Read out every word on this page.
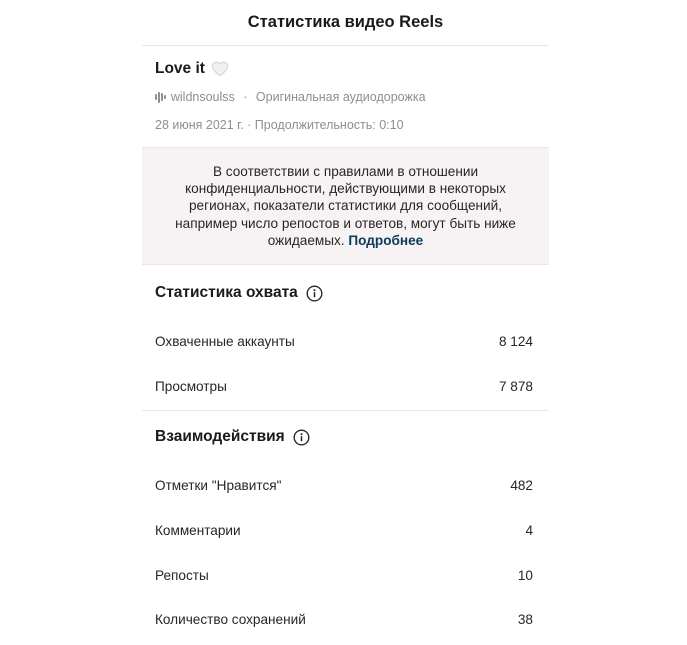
Статистика видео Reels
Love it
wildnsoulss · Оригинальная аудиодорожка
28 июня 2021 г. · Продолжительность: 0:10
В соответствии с правилами в отношении конфиденциальности, действующими в некоторых регионах, показатели статистики для сообщений, например число репостов и ответов, могут быть ниже ожидаемых. Подробнее
Статистика охвата
Охваченные аккаунты	8 124
Просмотры	7 878
Взаимодействия
Отметки "Нравится"	482
Комментарии	4
Репосты	10
Количество сохранений	38
